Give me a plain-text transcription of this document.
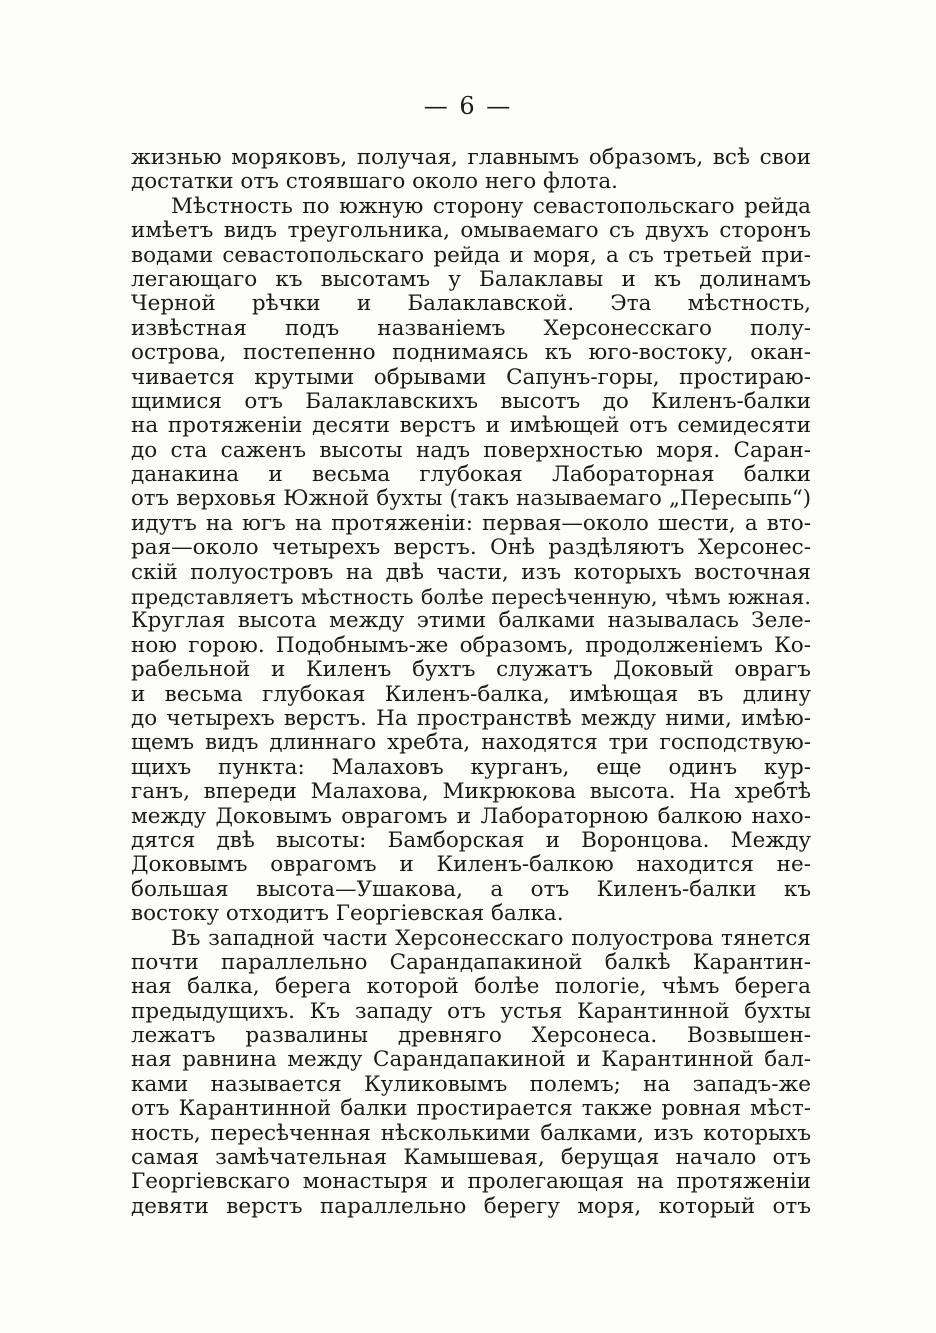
— 6 —
жизнью моряковъ, получая, главнымъ образомъ, всѣ свои
достатки отъ стоявшаго около него флота.
Мѣстность по южную сторону севастопольскаго рейда
имѣетъ видъ треугольника, омываемаго съ двухъ сторонъ
водами севастопольскаго рейда и моря, а съ третьей при-
легающаго къ высотамъ у Балаклавы и къ долинамъ
Черной рѣчки и Балаклавской. Эта мѣстность,
извѣстная подъ названіемъ Херсонесскаго полу-
острова, постепенно поднимаясь къ юго-востоку, окан-
чивается крутыми обрывами Сапунъ-горы, простираю-
щимися отъ Балаклавскихъ высотъ до Киленъ-балки
на протяженіи десяти верстъ и имѣющей отъ семидесяти
до ста саженъ высоты надъ поверхностью моря. Саран-
данакина и весьма глубокая Лабораторная балки
отъ верховья Южной бухты (такъ называемаго „Пересыпь“)
идутъ на югъ на протяженіи: первая—около шести, а вто-
рая—около четырехъ верстъ. Онѣ раздѣляютъ Херсонес-
скій полуостровъ на двѣ части, изъ которыхъ восточная
представляетъ мѣстность болѣе пересѣченную, чѣмъ южная.
Круглая высота между этими балками называлась Зеле-
ною горою. Подобнымъ-же образомъ, продолженіемъ Ко-
рабельной и Киленъ бухтъ служатъ Доковый оврагъ
и весьма глубокая Киленъ-балка, имѣющая въ длину
до четырехъ верстъ. На пространствѣ между ними, имѣю-
щемъ видъ длиннаго хребта, находятся три господствую-
щихъ пункта: Малаховъ курганъ, еще одинъ кур-
ганъ, впереди Малахова, Микрюкова высота. На хребтѣ
между Доковымъ оврагомъ и Лабораторною балкою нахо-
дятся двѣ высоты: Бамборская и Воронцова. Между
Доковымъ оврагомъ и Киленъ-балкою находится не-
большая высота—Ушакова, а отъ Киленъ-балки къ
востоку отходитъ Георгіевская балка.
Въ западной части Херсонесскаго полуострова тянется
почти параллельно Сарандапакиной балкѣ Карантин-
ная балка, берега которой болѣе пологіе, чѣмъ берега
предыдущихъ. Къ западу отъ устья Карантинной бухты
лежатъ развалины древняго Херсонеса. Возвышен-
ная равнина между Сарандапакиной и Карантинной бал-
ками называется Куликовымъ полемъ; на западъ-же
отъ Карантинной балки простирается также ровная мѣст-
ность, пересѣченная нѣсколькими балками, изъ которыхъ
самая замѣчательная Камышевая, берущая начало отъ
Георгіевскаго монастыря и пролегающая на протяженіи
девяти верстъ параллельно берегу моря, который отъ
